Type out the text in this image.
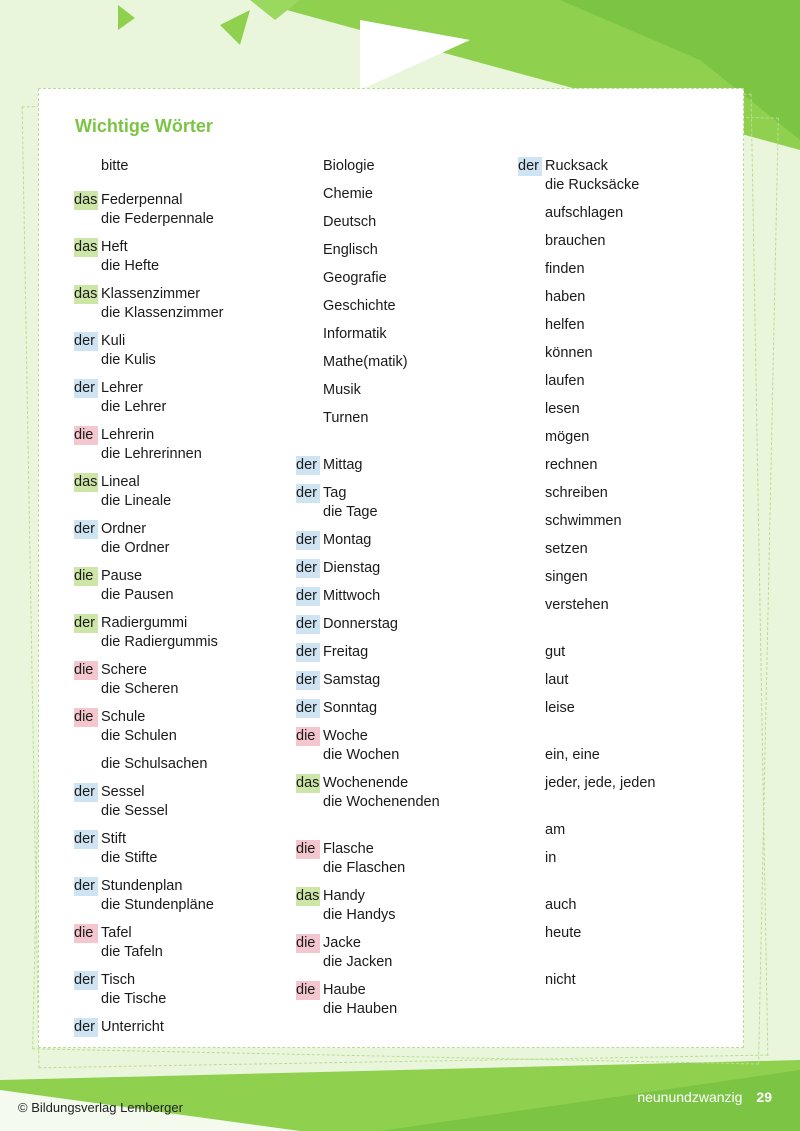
Wichtige Wörter
bitte
das Federpennal
die Federpennale
das Heft
die Hefte
das Klassenzimmer
die Klassenzimmer
der Kuli
die Kulis
der Lehrer
die Lehrer
die Lehrerin
die Lehrerinnen
das Lineal
die Lineale
der Ordner
die Ordner
die Pause
die Pausen
der Radiergummi
die Radiergummis
die Schere
die Scheren
die Schule
die Schulen
die Schulsachen
der Sessel
die Sessel
der Stift
die Stifte
der Stundenplan
die Stundenpläne
die Tafel
die Tafeln
der Tisch
die Tische
der Unterricht
Biologie
Chemie
Deutsch
Englisch
Geografie
Geschichte
Informatik
Mathe(matik)
Musik
Turnen
der Mittag
der Tag
die Tage
der Montag
der Dienstag
der Mittwoch
der Donnerstag
der Freitag
der Samstag
der Sonntag
die Woche
die Wochen
das Wochenende
die Wochenenden
die Flasche
die Flaschen
das Handy
die Handys
die Jacke
die Jacken
die Haube
die Hauben
der Rucksack
die Rucksäcke
aufschlagen
brauchen
finden
haben
helfen
können
laufen
lesen
mögen
rechnen
schreiben
schwimmen
setzen
singen
verstehen
gut
laut
leise
ein, eine
jeder, jede, jeden
am
in
auch
heute
nicht
© Bildungsverlag Lemberger
neunundzwanzig 29
